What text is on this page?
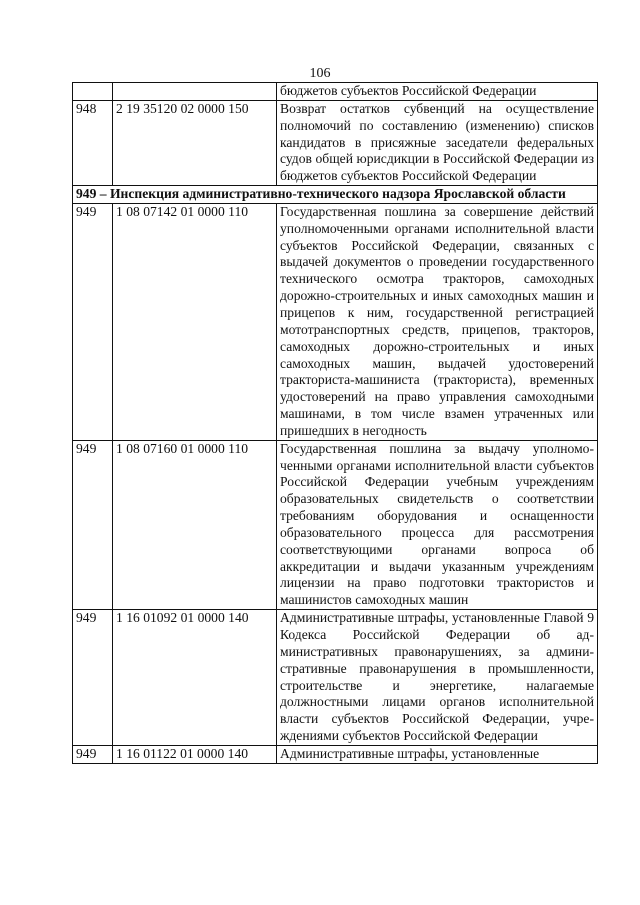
106
		бюджетов субъектов Российской Федерации
948	2 19 35120 02 0000 150	Возврат остатков субвенций на осуществление полномочий по составлению (изменению) списков кандидатов в присяжные заседатели федеральных судов общей юрисдикции в Российской Федерации из бюджетов субъектов Российской Федерации
949 – Инспекция административно-технического надзора Ярославской области		
949	1 08 07142 01 0000 110	Государственная пошлина за совершение действий уполномоченными органами исполнительной власти субъектов Российской Федерации, связанных с выдачей документов о проведении государственного технического осмотра тракторов, самоходных дорожно-строительных и иных самоходных машин и прицепов к ним, государственной регистрацией мототранспортных средств, прицепов, тракторов, самоходных дорожно-строительных и иных самоходных машин, выдачей удостоверений тракториста-машиниста (тракториста), временных удостоверений на право управления самоходными машинами, в том числе взамен утраченных или пришедших в негодность
949	1 08 07160 01 0000 110	Государственная пошлина за выдачу уполномоченными органами исполнительной власти субъектов Российской Федерации учебным учреждениям образовательных свидетельств о соответствии требованиям оборудования и оснащенности образовательного процесса для рассмотрения соответствующими органами вопроса об аккредитации и выдачи указанным учреждениям лицензии на право подготовки трактористов и машинистов самоходных машин
949	1 16 01092 01 0000 140	Административные штрафы, установленные Главой 9 Кодекса Российской Федерации об административных правонарушениях, за административные правонарушения в промышленности, строительстве и энергетике, налагаемые должностными лицами органов исполнительной власти субъектов Российской Федерации, учреждениями субъектов Российской Федерации
949	1 16 01122 01 0000 140	Административные штрафы, установленные
